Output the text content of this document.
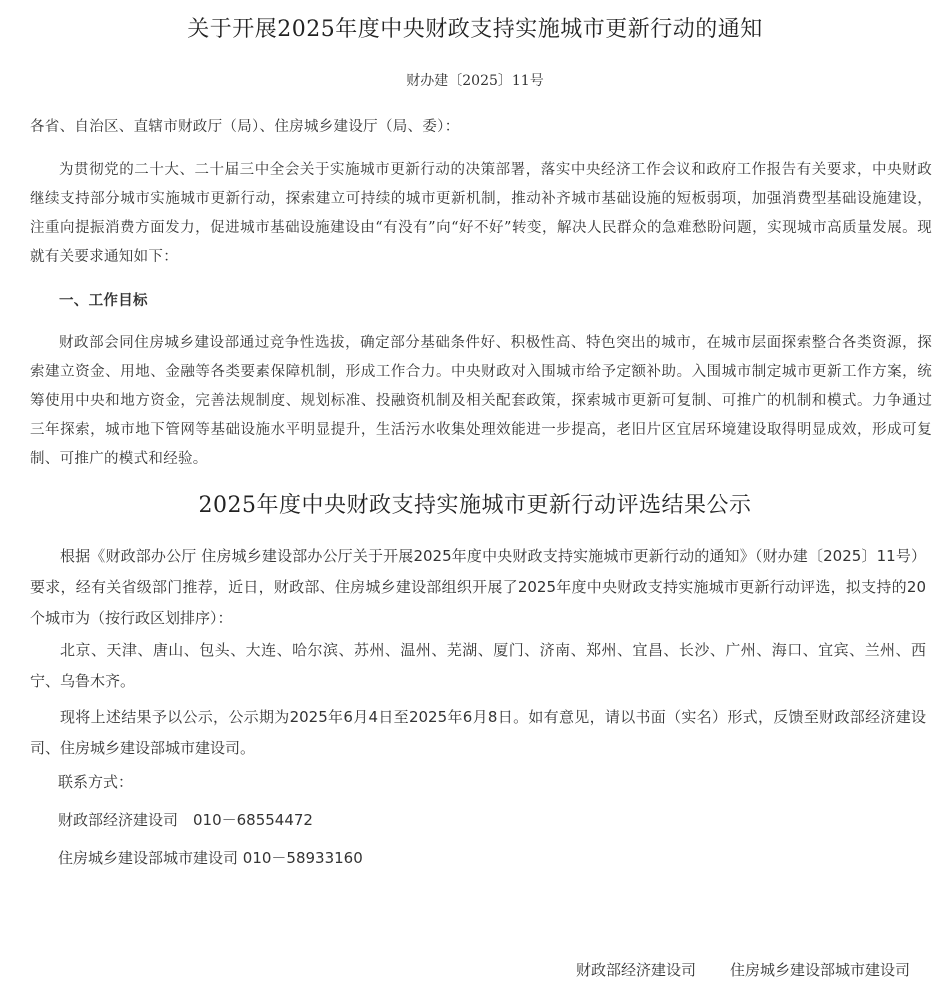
关于开展2025年度中央财政支持实施城市更新行动的通知
财办建〔2025〕11号
各省、自治区、直辖市财政厅（局）、住房城乡建设厅（局、委）：
为贯彻党的二十大、二十届三中全会关于实施城市更新行动的决策部署，落实中央经济工作会议和政府工作报告有关要求，中央财政继续支持部分城市实施城市更新行动，探索建立可持续的城市更新机制，推动补齐城市基础设施的短板弱项，加强消费型基础设施建设，注重向提振消费方面发力，促进城市基础设施建设由“有没有”向“好不好”转变，解决人民群众的急难愁盼问题，实现城市高质量发展。现就有关要求通知如下：
一、工作目标
财政部会同住房城乡建设部通过竞争性选拔，确定部分基础条件好、积极性高、特色突出的城市，在城市层面探索整合各类资源，探索建立资金、用地、金融等各类要素保障机制，形成工作合力。中央财政对入围城市给予定额补助。入围城市制定城市更新工作方案，统筹使用中央和地方资金，完善法规制度、规划标准、投融资机制及相关配套政策，探索城市更新可复制、可推广的机制和模式。力争通过三年探索，城市地下管网等基础设施水平明显提升，生活污水收集处理效能进一步提高，老旧片区宜居环境建设取得明显成效，形成可复制、可推广的模式和经验。
2025年度中央财政支持实施城市更新行动评选结果公示
根据《财政部办公厅 住房城乡建设部办公厅关于开展2025年度中央财政支持实施城市更新行动的通知》（财办建〔2025〕11号）要求，经有关省级部门推荐，近日，财政部、住房城乡建设部组织开展了2025年度中央财政支持实施城市更新行动评选，拟支持的20个城市为（按行政区划排序）：
北京、天津、唐山、包头、大连、哈尔滨、苏州、温州、芜湖、厦门、济南、郑州、宜昌、长沙、广州、海口、宜宾、兰州、西宁、乌鲁木齐。
现将上述结果予以公示，公示期为2025年6月4日至2025年6月8日。如有意见，请以书面（实名）形式，反馈至财政部经济建设司、住房城乡建设部城市建设司。
联系方式：
财政部经济建设司　010－68554472
住房城乡建设部城市建设司 010－58933160
财政部经济建设司 住房城乡建设部城市建设司
